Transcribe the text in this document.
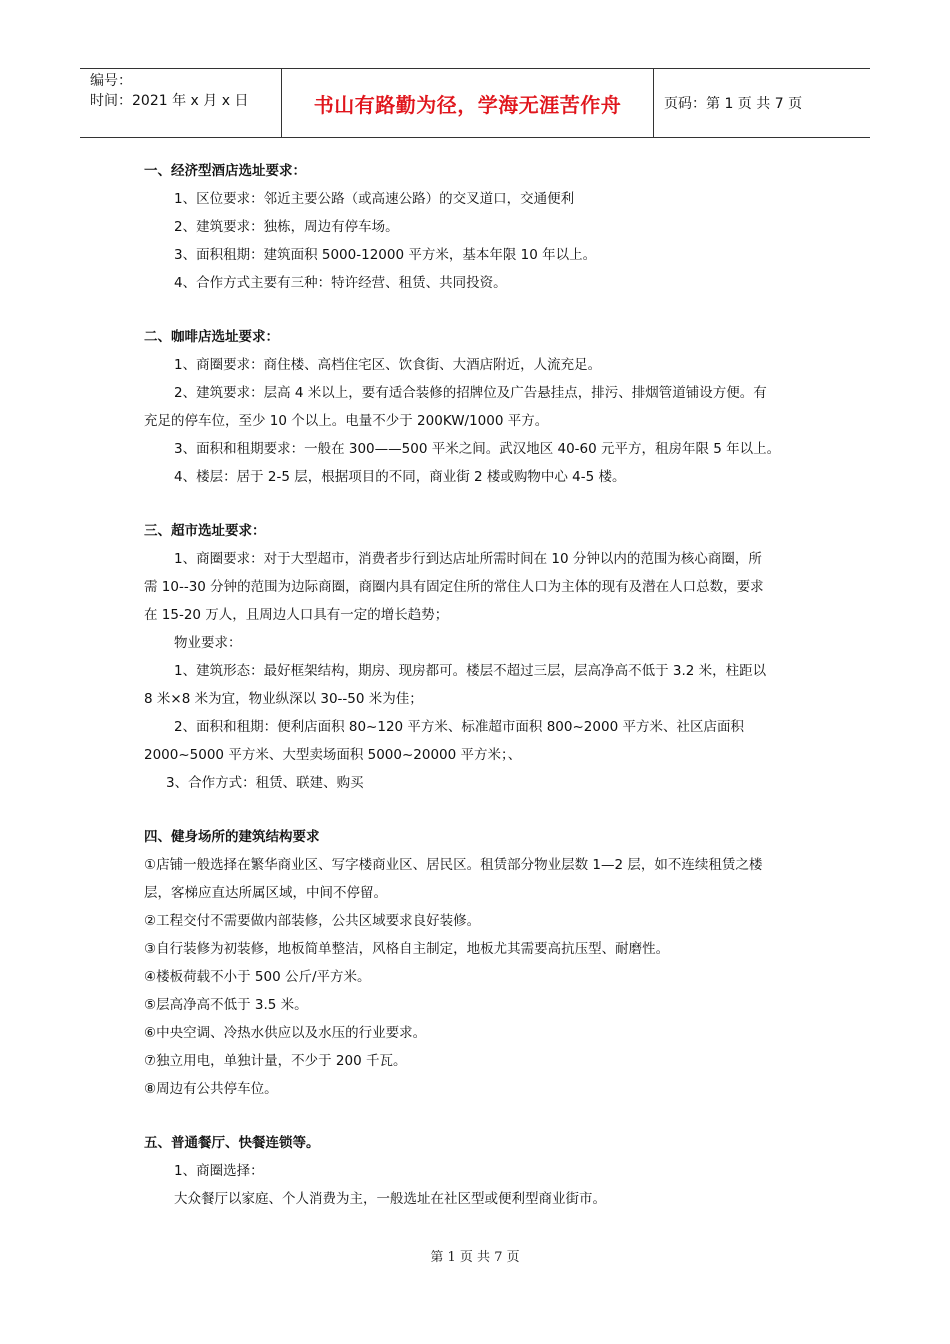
编号：
时间：2021 年 x 月 x 日	书山有路勤为径，学海无涯苦作舟	页码：第 1 页 共 7 页

一、经济型酒店选址要求：

1、区位要求：邻近主要公路（或高速公路）的交叉道口，交通便利

2、建筑要求：独栋，周边有停车场。

3、面积租期：建筑面积 5000-12000 平方米，基本年限 10 年以上。

4、合作方式主要有三种：特许经营、租赁、共同投资。

二、咖啡店选址要求：

1、商圈要求：商住楼、高档住宅区、饮食街、大酒店附近，人流充足。

2、建筑要求：层高 4 米以上，要有适合装修的招牌位及广告悬挂点，排污、排烟管道铺设方便。有

充足的停车位，至少 10 个以上。电量不少于 200KW/1000 平方。

3、面积和租期要求：一般在 300——500 平米之间。武汉地区 40-60 元平方，租房年限 5 年以上。

4、楼层：居于 2-5 层，根据项目的不同，商业街 2 楼或购物中心 4-5 楼。

三、超市选址要求：

1、商圈要求：对于大型超市，消费者步行到达店址所需时间在 10 分钟以内的范围为核心商圈，所

需 10--30 分钟的范围为边际商圈，商圈内具有固定住所的常住人口为主体的现有及潜在人口总数，要求

在 15-20 万人，且周边人口具有一定的增长趋势；

物业要求：

1、建筑形态：最好框架结构，期房、现房都可。楼层不超过三层，层高净高不低于 3.2 米，柱距以

8 米×8 米为宜，物业纵深以 30--50 米为佳；

2、面积和租期：便利店面积 80~120 平方米、标准超市面积 800~2000 平方米、社区店面积

2000~5000 平方米、大型卖场面积 5000~20000 平方米；、

3、合作方式：租赁、联建、购买

四、健身场所的建筑结构要求

①店铺一般选择在繁华商业区、写字楼商业区、居民区。租赁部分物业层数 1—2 层，如不连续租赁之楼

层，客梯应直达所属区域，中间不停留。

②工程交付不需要做内部装修，公共区域要求良好装修。

③自行装修为初装修，地板简单整洁，风格自主制定，地板尤其需要高抗压型、耐磨性。

④楼板荷载不小于 500 公斤/平方米。

⑤层高净高不低于 3.5 米。

⑥中央空调、冷热水供应以及水压的行业要求。

⑦独立用电，单独计量，不少于 200 千瓦。

⑧周边有公共停车位。

五、普通餐厅、快餐连锁等。

1、商圈选择：

大众餐厅以家庭、个人消费为主，一般选址在社区型或便利型商业街市。

第 1 页 共 7 页
